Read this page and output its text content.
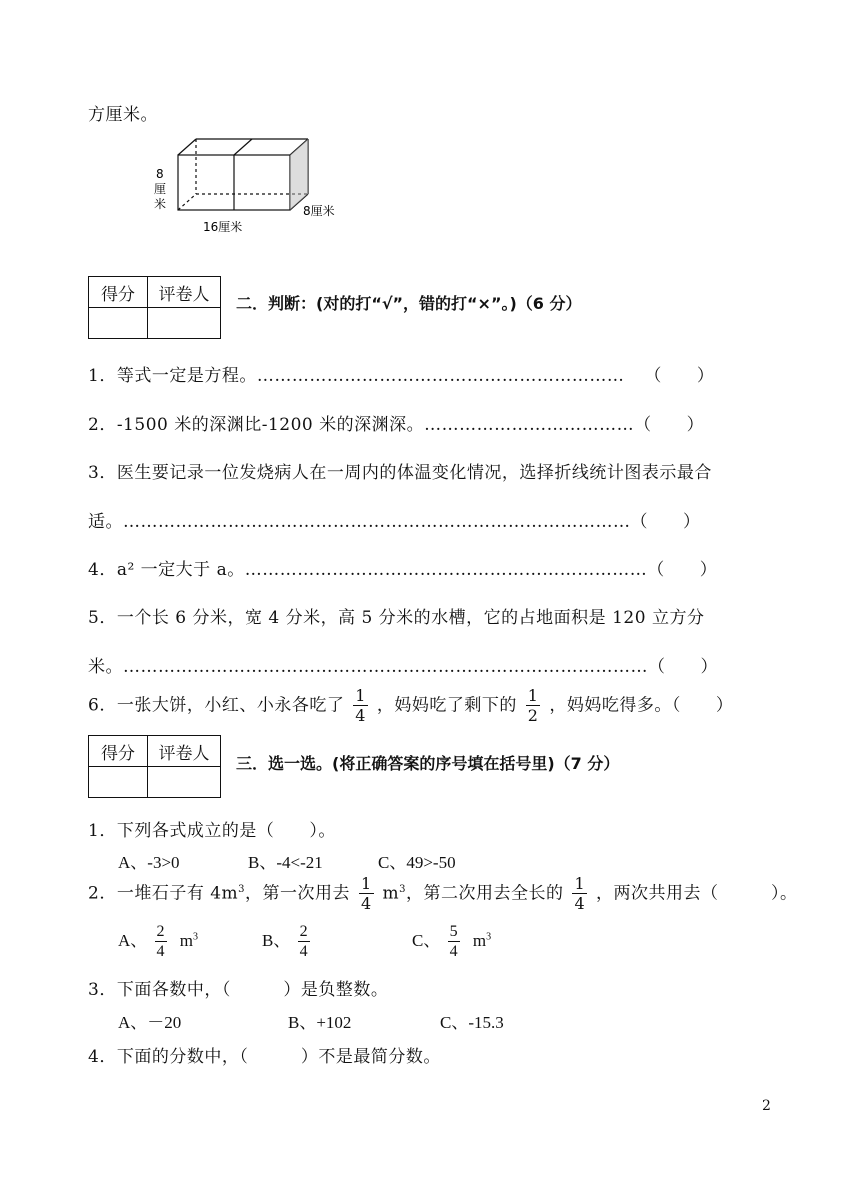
方厘米。
8
厘
米	8厘米
16厘米
得分	评卷人
	二．判断：(对的打“√”，错的打“×”。)（6 分）
1．等式一定是方程。……………………………………………………… （　　）
2．-1500 米的深渊比-1200 米的深渊深。………………………………（　　）
3．医生要记录一位发烧病人在一周内的体温变化情况，选择折线统计图表示最合
适。……………………………………………………………………………（　　）
4．a² 一定大于 a。……………………………………………………………（　　）
5．一个长 6 分米，宽 4 分米，高 5 分米的水槽，它的占地面积是 120 立方分
米。………………………………………………………………………………（　　）
6．一张大饼，小红、小永各吃了 $\frac{1}{4}$ ，妈妈吃了剩下的 $\frac{1}{2}$ ，妈妈吃得多。（　　）
得分	评卷人
	三．选一选。(将正确答案的序号填在括号里)（7 分）
1．下列各式成立的是（　　）。
A、-3>0	B、-4<-21	C、49>-50
2．一堆石子有 $4m^3$，第一次用去 $\frac{1}{4} m^3$，第二次用去全长的 $\frac{1}{4}$ ，两次共用去（　　　）。
A、 $\frac{2}{4} m^3$	B、 $\frac{2}{4}$	C、 $\frac{5}{4} m^3$
3．下面各数中，（　　　）是负整数。
A、－20	B、+102	C、-15.3
4．下面的分数中，（　　　）不是最简分数。
2
